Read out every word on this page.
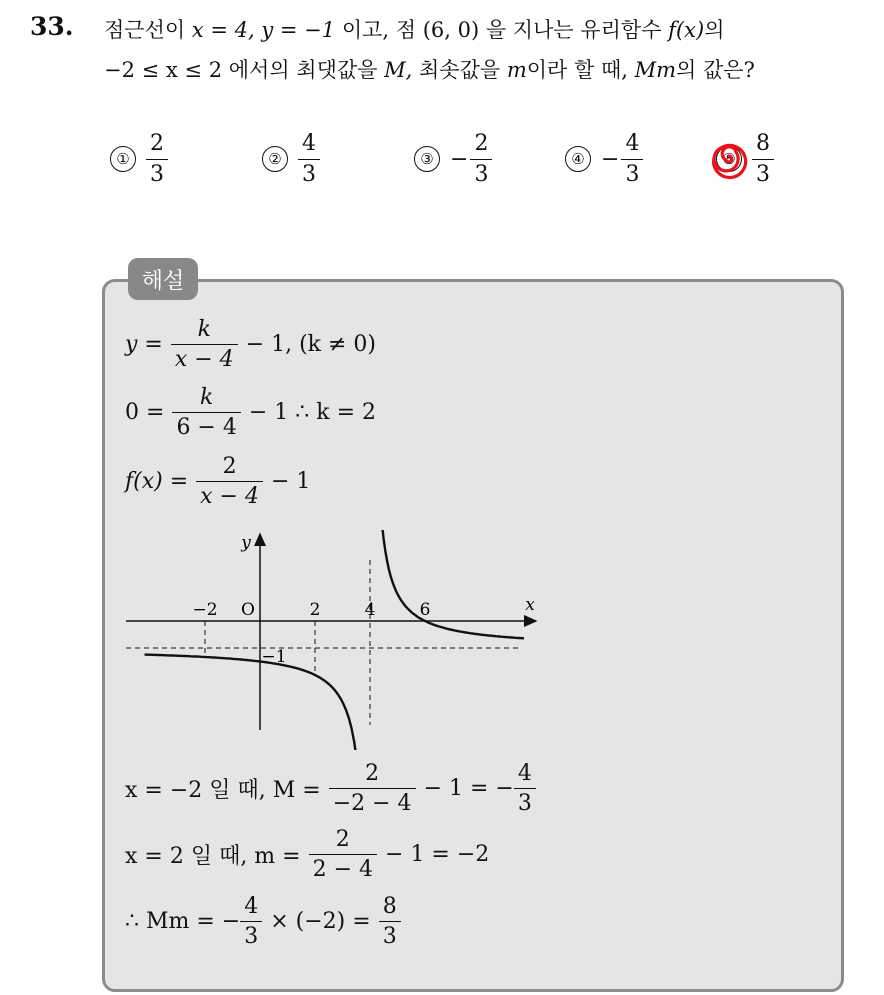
33. 점근선이 x = 4, y = −1 이고, 점 (6, 0) 을 지나는 유리함수 f(x)의
−2 ≤ x ≤ 2 에서의 최댓값을 M, 최솟값을 m이라 할 때, Mm의 값은?
① $\frac{2}{3}$	② $\frac{4}{3}$	③ − $\frac{2}{3}$	④ − $\frac{4}{3}$	⑤ $\frac{8}{3}$
해설
$y = \frac{k}{x - 4} - 1$, (k ≠ 0)
$0 = \frac{k}{6 - 4} - 1$ ∴ k = 2
$f(x) = \frac{2}{x - 4} - 1$
y
x
O
−2	2	4	6
−1
x = −2 일 때, $M = \frac{2}{-2 - 4} - 1$ = − $\frac{4}{3}$
x = 2 일 때, $m = \frac{2}{2 - 4} - 1 = -2$
∴ Mm = − $\frac{4}{3} \times (-2) = \frac{8}{3}$
